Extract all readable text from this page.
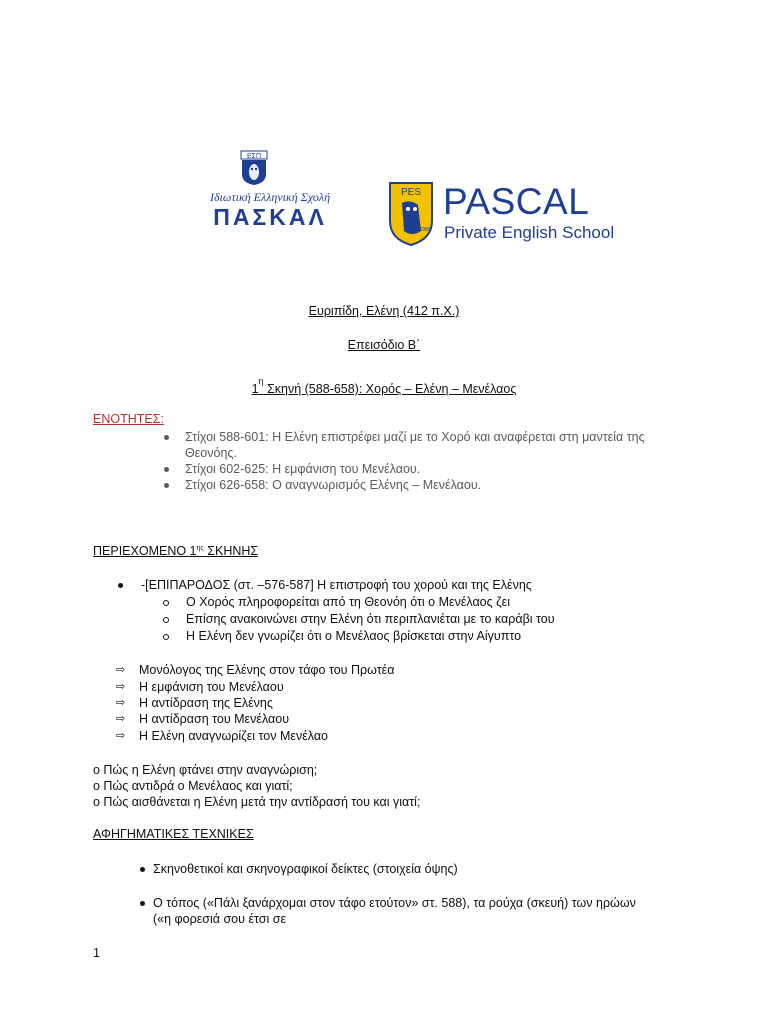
ΕΣΠ
Ιδιωτική Ελληνική Σχολή
ΠΑΣΚΑΛ
PES
1986
PASCAL
Private English School
Ευριπίδη, Ελένη (412 π.Χ.)
Επεισόδιο Β΄
$1^\eta$ Σκηνή (588-658): Χορός – Ελένη – Μενέλαος
ΕΝΟΤΗΤΕΣ:
Στίχοι 588-601: Η Ελένη επιστρέφει μαζί με το Χορό και αναφέρεται στη μαντεία της
Θεονόης.
Στίχοι 602-625: Η εμφάνιση του Μενέλαου.
Στίχοι 626-658: Ο αναγνωρισμός Ελένης – Μενέλαου.
ΠΕΡΙΕΧΟΜΕΝΟ $1^{\eta\varsigma}$ ΣΚΗΝΗΣ
-[ΕΠΙΠΑΡΟΔΟΣ (στ. –576-587] Η επιστροφή του χορού και της Ελένης
Ο Χορός πληροφορείται από τη Θεονόη ότι ο Μενέλαος ζει
Επίσης ανακοινώνει στην Ελένη ότι περιπλανιέται με το καράβι του
Η Ελένη δεν γνωρίζει ότι ο Μενέλαος βρίσκεται στην Αίγυπτο
⇨ Μονόλογος της Ελένης στον τάφο του Πρωτέα
⇨ Η εμφάνιση του Μενέλαου
⇨ Η αντίδραση της Ελένης
⇨ Η αντίδραση του Μενέλαου
⇨ Η Ελένη αναγνωρίζει τον Μενέλαο
ο Πώς η Ελένη φτάνει στην αναγνώριση;
ο Πώς αντιδρά ο Μενέλαος και γιατί;
ο Πώς αισθάνεται η Ελένη μετά την αντίδρασή του και γιατί;
ΑΦΗΓΗΜΑΤΙΚΕΣ ΤΕΧΝΙΚΕΣ
Σκηνοθετικοί και σκηνογραφικοί δείκτες (στοιχεία όψης)
Ο τόπος («Πάλι ξανάρχομαι στον τάφο ετούτον» στ. 588), τα ρούχα (σκευή) των ηρώων
(«η φορεσιά σου έτσι σε
1
